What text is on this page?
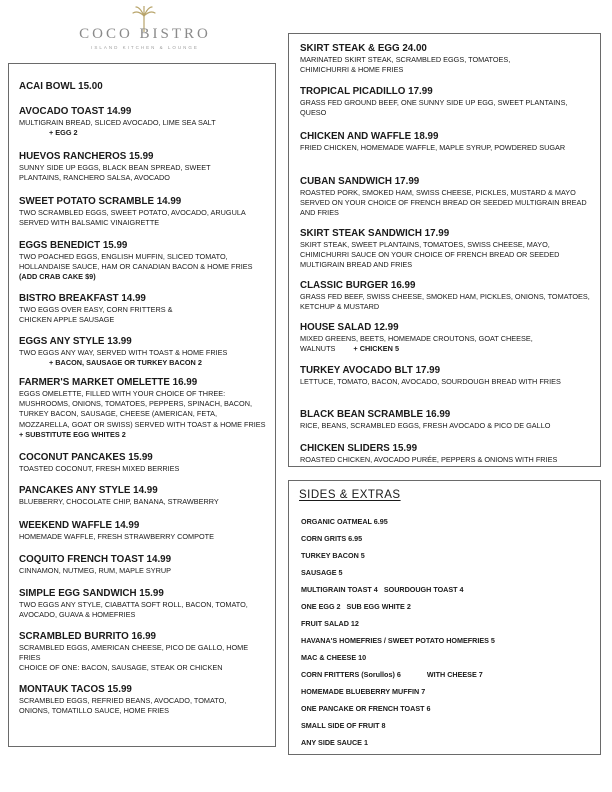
COCO BISTRO
ISLAND KITCHEN & LOUNGE
ACAI BOWL 15.00
AVOCADO TOAST 14.99
MULTIGRAIN BREAD, SLICED AVOCADO, LIME SEA SALT
+ EGG 2
HUEVOS RANCHEROS 15.99
SUNNY SIDE UP EGGS, BLACK BEAN SPREAD, SWEET PLANTAINS, RANCHERO SALSA, AVOCADO
SWEET POTATO SCRAMBLE 14.99
TWO SCRAMBLED EGGS, SWEET POTATO, AVOCADO, ARUGULA SERVED WITH BALSAMIC VINAIGRETTE
EGGS BENEDICT 15.99
TWO POACHED EGGS, ENGLISH MUFFIN, SLICED TOMATO, HOLLANDAISE SAUCE, HAM OR CANADIAN BACON & HOME FRIES (ADD CRAB CAKE $9)
BISTRO BREAKFAST 14.99
TWO EGGS OVER EASY, CORN FRITTERS & CHICKEN APPLE SAUSAGE
EGGS ANY STYLE 13.99
TWO EGGS ANY WAY, SERVED WITH TOAST & HOME FRIES
+ BACON, SAUSAGE OR TURKEY BACON 2
FARMER'S MARKET OMELETTE 16.99
EGGS OMELETTE, FILLED WITH YOUR CHOICE OF THREE: MUSHROOMS, ONIONS, TOMATOES, PEPPERS, SPINACH, BACON, TURKEY BACON, SAUSAGE, CHEESE (AMERICAN, FETA, MOZZARELLA, GOAT OR SWISS) SERVED WITH TOAST & HOME FRIES + SUBSTITUTE EGG WHITES 2
COCONUT PANCAKES 15.99
TOASTED COCONUT, FRESH MIXED BERRIES
PANCAKES ANY STYLE 14.99
BLUEBERRY, CHOCOLATE CHIP, BANANA, STRAWBERRY
WEEKEND WAFFLE 14.99
HOMEMADE WAFFLE, FRESH STRAWBERRY COMPOTE
COQUITO FRENCH TOAST 14.99
CINNAMON, NUTMEG, RUM, MAPLE SYRUP
SIMPLE EGG SANDWICH 15.99
TWO EGGS ANY STYLE, CIABATTA SOFT ROLL, BACON, TOMATO, AVOCADO, GUAVA & HOMEFRIES
SCRAMBLED BURRITO 16.99
SCRAMBLED EGGS, AMERICAN CHEESE, PICO DE GALLO, HOME FRIES
CHOICE OF ONE: BACON, SAUSAGE, STEAK OR CHICKEN
MONTAUK TACOS 15.99
SCRAMBLED EGGS, REFRIED BEANS, AVOCADO, TOMATO, ONIONS, TOMATILLO SAUCE, HOME FRIES
SKIRT STEAK & EGG 24.00
MARINATED SKIRT STEAK, SCRAMBLED EGGS, TOMATOES, CHIMICHURRI & HOME FRIES
TROPICAL PICADILLO 17.99
GRASS FED GROUND BEEF, ONE SUNNY SIDE UP EGG, SWEET PLANTAINS, QUESO
CHICKEN AND WAFFLE 18.99
FRIED CHICKEN, HOMEMADE WAFFLE, MAPLE SYRUP, POWDERED SUGAR
CUBAN SANDWICH 17.99
ROASTED PORK, SMOKED HAM, SWISS CHEESE, PICKLES, MUSTARD & MAYO SERVED ON YOUR CHOICE OF FRENCH BREAD OR SEEDED MULTIGRAIN BREAD AND FRIES
SKIRT STEAK SANDWICH 17.99
SKIRT STEAK, SWEET PLANTAINS, TOMATOES, SWISS CHEESE, MAYO, CHIMICHURRI SAUCE ON YOUR CHOICE OF FRENCH BREAD OR SEEDED MULTIGRAIN BREAD AND FRIES
CLASSIC BURGER 16.99
GRASS FED BEEF, SWISS CHEESE, SMOKED HAM, PICKLES, ONIONS, TOMATOES, KETCHUP & MUSTARD
HOUSE SALAD 12.99
MIXED GREENS, BEETS, HOMEMADE CROUTONS, GOAT CHEESE, WALNUTS + CHICKEN 5
TURKEY AVOCADO BLT 17.99
LETTUCE, TOMATO, BACON, AVOCADO, SOURDOUGH BREAD WITH FRIES
BLACK BEAN SCRAMBLE 16.99
RICE, BEANS, SCRAMBLED EGGS, FRESH AVOCADO & PICO DE GALLO
CHICKEN SLIDERS 15.99
ROASTED CHICKEN, AVOCADO PURÉE, PEPPERS & ONIONS WITH FRIES
SIDES & EXTRAS
ORGANIC OATMEAL 6.95
CORN GRITS 6.95
TURKEY BACON 5
SAUSAGE 5
MULTIGRAIN TOAST 4 SOURDOUGH TOAST 4
ONE EGG 2 SUB EGG WHITE 2
FRUIT SALAD 12
HAVANA'S HOMEFRIES / SWEET POTATO HOMEFRIES 5
MAC & CHEESE 10
CORN FRITTERS (Sorullos) 6	WITH CHEESE 7
HOMEMADE BLUEBERRY MUFFIN 7
ONE PANCAKE OR FRENCH TOAST 6
SMALL SIDE OF FRUIT 8
ANY SIDE SAUCE 1
